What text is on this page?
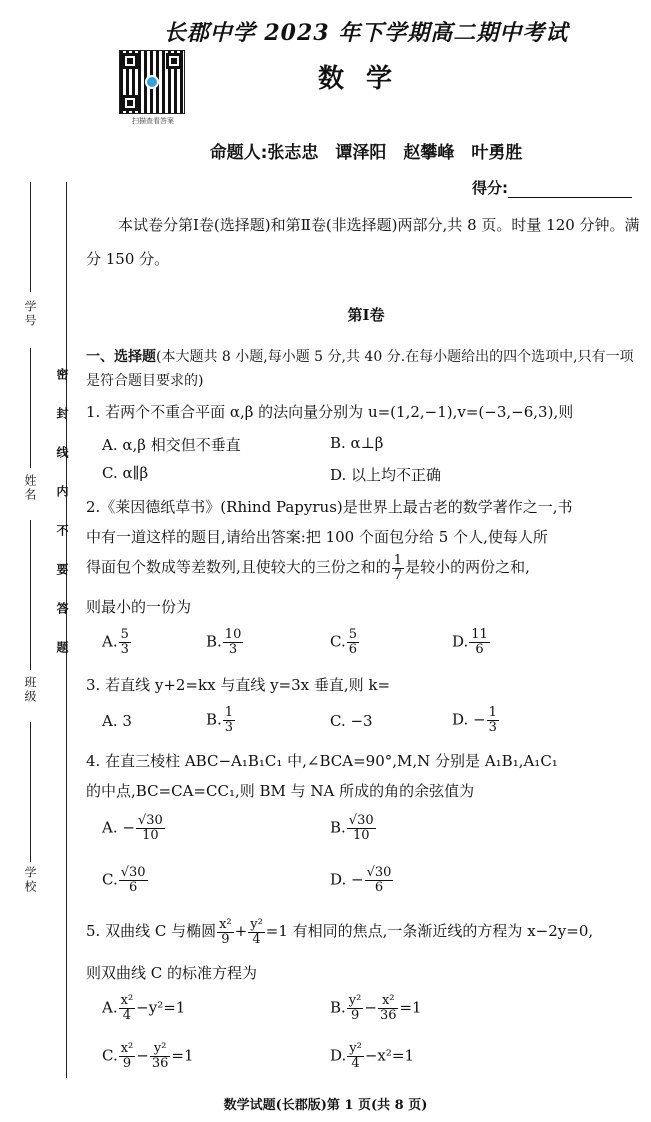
学号
姓名
班级
学校
密封线内不要答题
长郡中学 2023 年下学期高二期中考试
扫描查看答案
数学
命题人:张志忠　谭泽阳　赵攀峰　叶勇胜
得分:
本试卷分第Ⅰ卷(选择题)和第Ⅱ卷(非选择题)两部分,共 8 页。时量 120 分钟。满分 150 分。
第Ⅰ卷
一、选择题(本大题共 8 小题,每小题 5 分,共 40 分.在每小题给出的四个选项中,只有一项是符合题目要求的)
1. 若两个不重合平面 α,β 的法向量分别为 u=(1,2,−1),v=(−3,−6,3),则
A. α,β 相交但不垂直	B. α⊥β
C. α∥β	D. 以上均不正确
2.《莱因德纸草书》(Rhind Papyrus)是世界上最古老的数学著作之一,书
中有一道这样的题目,请给出答案:把 100 个面包分给 5 个人,使每人所
得面包个数成等差数列,且使较大的三份之和的 $\frac{1}{7}$ 是较小的两份之和,
则最小的一份为
A. $\frac{5}{3}$	B. $\frac{10}{3}$	C. $\frac{5}{6}$	D. $\frac{11}{6}$
3. 若直线 y+2=kx 与直线 y=3x 垂直,则 k=
A. 3	B. $\frac{1}{3}$	C. −3	D. − $\frac{1}{3}$
4. 在直三棱柱 ABC−A₁B₁C₁ 中,∠BCA=90°,M,N 分别是 A₁B₁,A₁C₁
的中点,BC=CA=CC₁,则 BM 与 NA 所成的角的余弦值为
A. − $\frac{√30}{10}$	B. $\frac{√30}{10}$
C. $\frac{√30}{6}$	D. − $\frac{√30}{6}$
5. 双曲线 C 与椭圆 $\frac{\text{x²}}{9} + \frac{\text{y²}}{4} =1$ 有相同的焦点,一条渐近线的方程为 x−2y=0,
则双曲线 C 的标准方程为
A. $\frac{\text{x²}}{4} -y^2=1$	B. $\frac{\text{y²}}{9} - \frac{\text{x²}}{36} =1$
C. $\frac{\text{x²}}{9} - \frac{\text{y²}}{36} =1$	D. $\frac{\text{y²}}{4} -x^2=1$
数学试题(长郡版)第 1 页(共 8 页)
